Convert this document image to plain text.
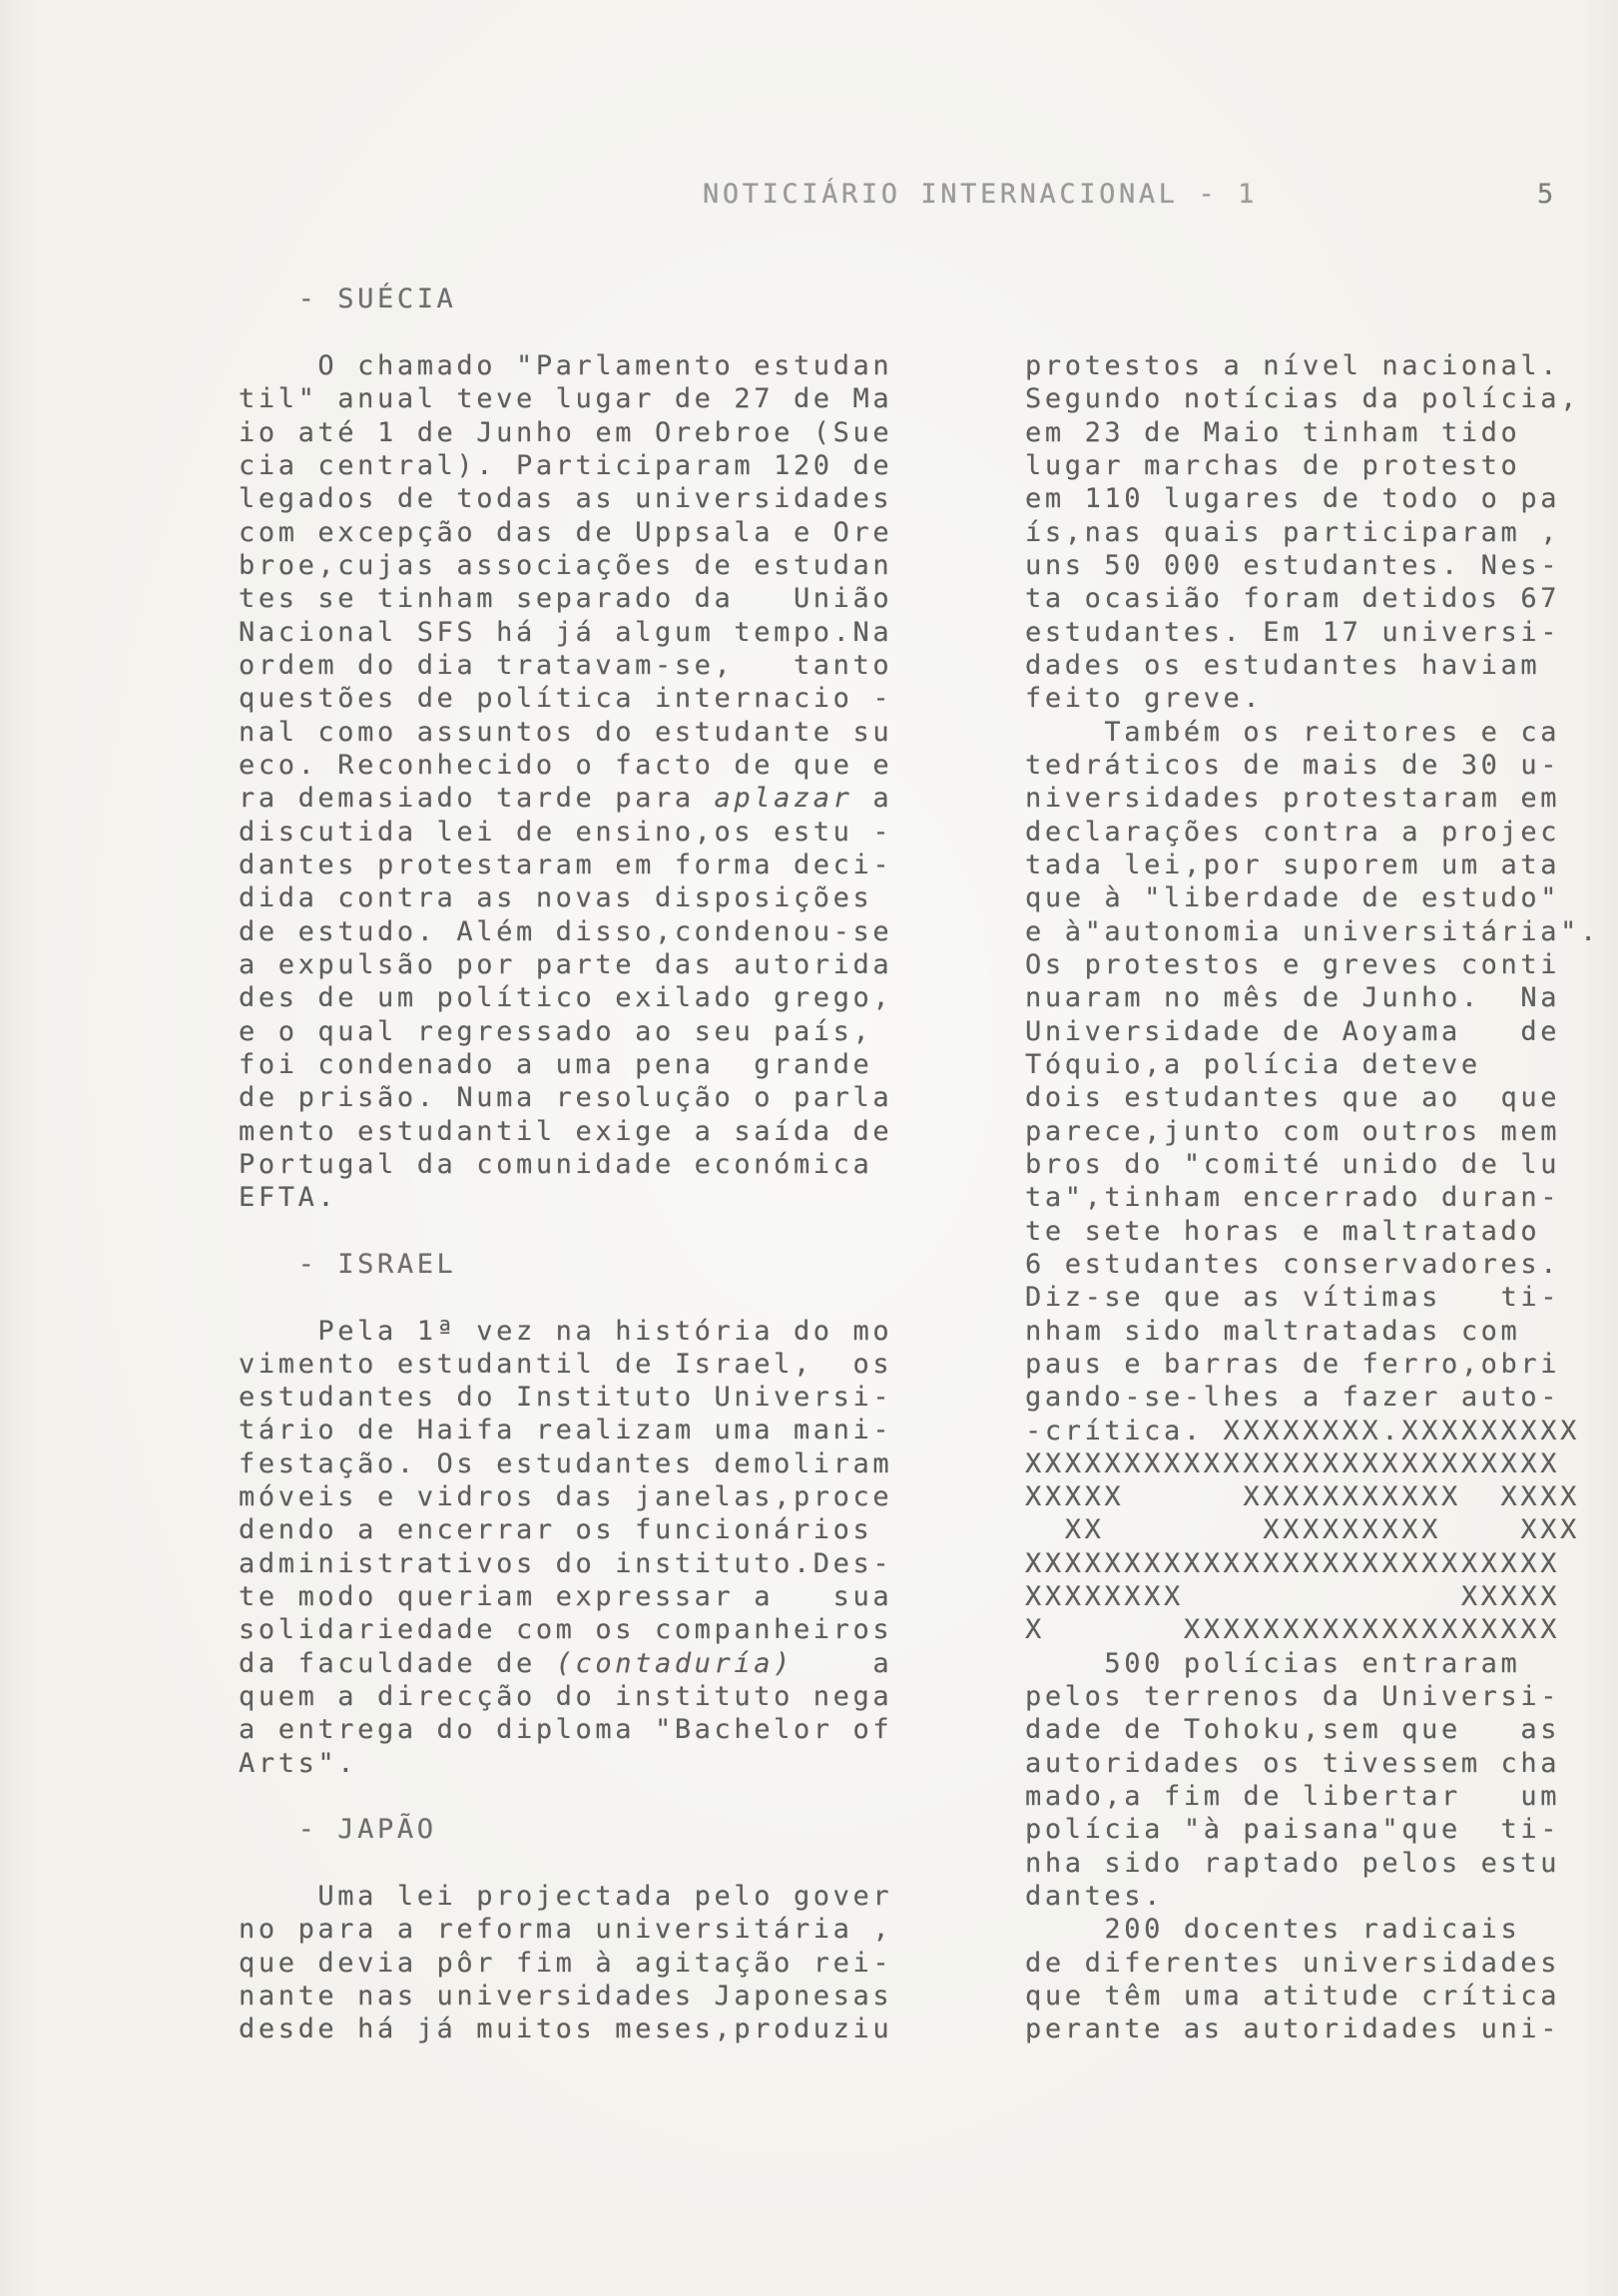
NOTICIÁRIO INTERNACIONAL - 1	5
- SUÉCIA
O chamado "Parlamento estudan
til" anual teve lugar de 27 de Ma
io até 1 de Junho em Orebroe (Sue
cia central). Participaram 120 de
legados de todas as universidades
com excepção das de Uppsala e Ore
broe,cujas associações de estudan
tes se tinham separado da   União
Nacional SFS há já algum tempo.Na
ordem do dia tratavam-se,   tanto
questões de política internacio -
nal como assuntos do estudante su
eco. Reconhecido o facto de que e
ra demasiado tarde para aplazar a
discutida lei de ensino,os estu -
dantes protestaram em forma deci-
dida contra as novas disposições
de estudo. Além disso,condenou-se
a expulsão por parte das autorida
des de um político exilado grego,
e o qual regressado ao seu país,
foi condenado a uma pena  grande
de prisão. Numa resolução o parla
mento estudantil exige a saída de
Portugal da comunidade económica
EFTA.
- ISRAEL
Pela 1ª vez na história do mo
vimento estudantil de Israel,  os
estudantes do Instituto Universi-
tário de Haifa realizam uma mani-
festação. Os estudantes demoliram
móveis e vidros das janelas,proce
dendo a encerrar os funcionários
administrativos do instituto.Des-
te modo queriam expressar a   sua
solidariedade com os companheiros
da faculdade de (contaduría)    a
quem a direcção do instituto nega
a entrega do diploma "Bachelor of
Arts".
- JAPÃO
Uma lei projectada pelo gover
no para a reforma universitária ,
que devia pôr fim à agitação rei-
nante nas universidades Japonesas
desde há já muitos meses,produziu
protestos a nível nacional.
Segundo notícias da polícia,
em 23 de Maio tinham tido
lugar marchas de protesto
em 110 lugares de todo o pa
ís,nas quais participaram ,
uns 50 000 estudantes. Nes-
ta ocasião foram detidos 67
estudantes. Em 17 universi-
dades os estudantes haviam
feito greve.
Também os reitores e ca
tedráticos de mais de 30 u-
niversidades protestaram em
declarações contra a projec
tada lei,por suporem um ata
que à "liberdade de estudo"
e à"autonomia universitária".
Os protestos e greves conti
nuaram no mês de Junho.  Na
Universidade de Aoyama   de
Tóquio,a polícia deteve
dois estudantes que ao  que
parece,junto com outros mem
bros do "comité unido de lu
ta",tinham encerrado duran-
te sete horas e maltratado
6 estudantes conservadores.
Diz-se que as vítimas   ti-
nham sido maltratadas com
paus e barras de ferro,obri
gando-se-lhes a fazer auto-
-crítica. XXXXXXXX.XXXXXXXXX
XXXXXXXXXXXXXXXXXXXXXXXXXXX
XXXXX      XXXXXXXXXXX  XXXX
XX        XXXXXXXXX    XXX
XXXXXXXXXXXXXXXXXXXXXXXXXXX
XXXXXXXX              XXXXX
X       XXXXXXXXXXXXXXXXXXX
500 polícias entraram
pelos terrenos da Universi-
dade de Tohoku,sem que   as
autoridades os tivessem cha
mado,a fim de libertar   um
polícia "à paisana"que  ti-
nha sido raptado pelos estu
dantes.
200 docentes radicais
de diferentes universidades
que têm uma atitude crítica
perante as autoridades uni-
